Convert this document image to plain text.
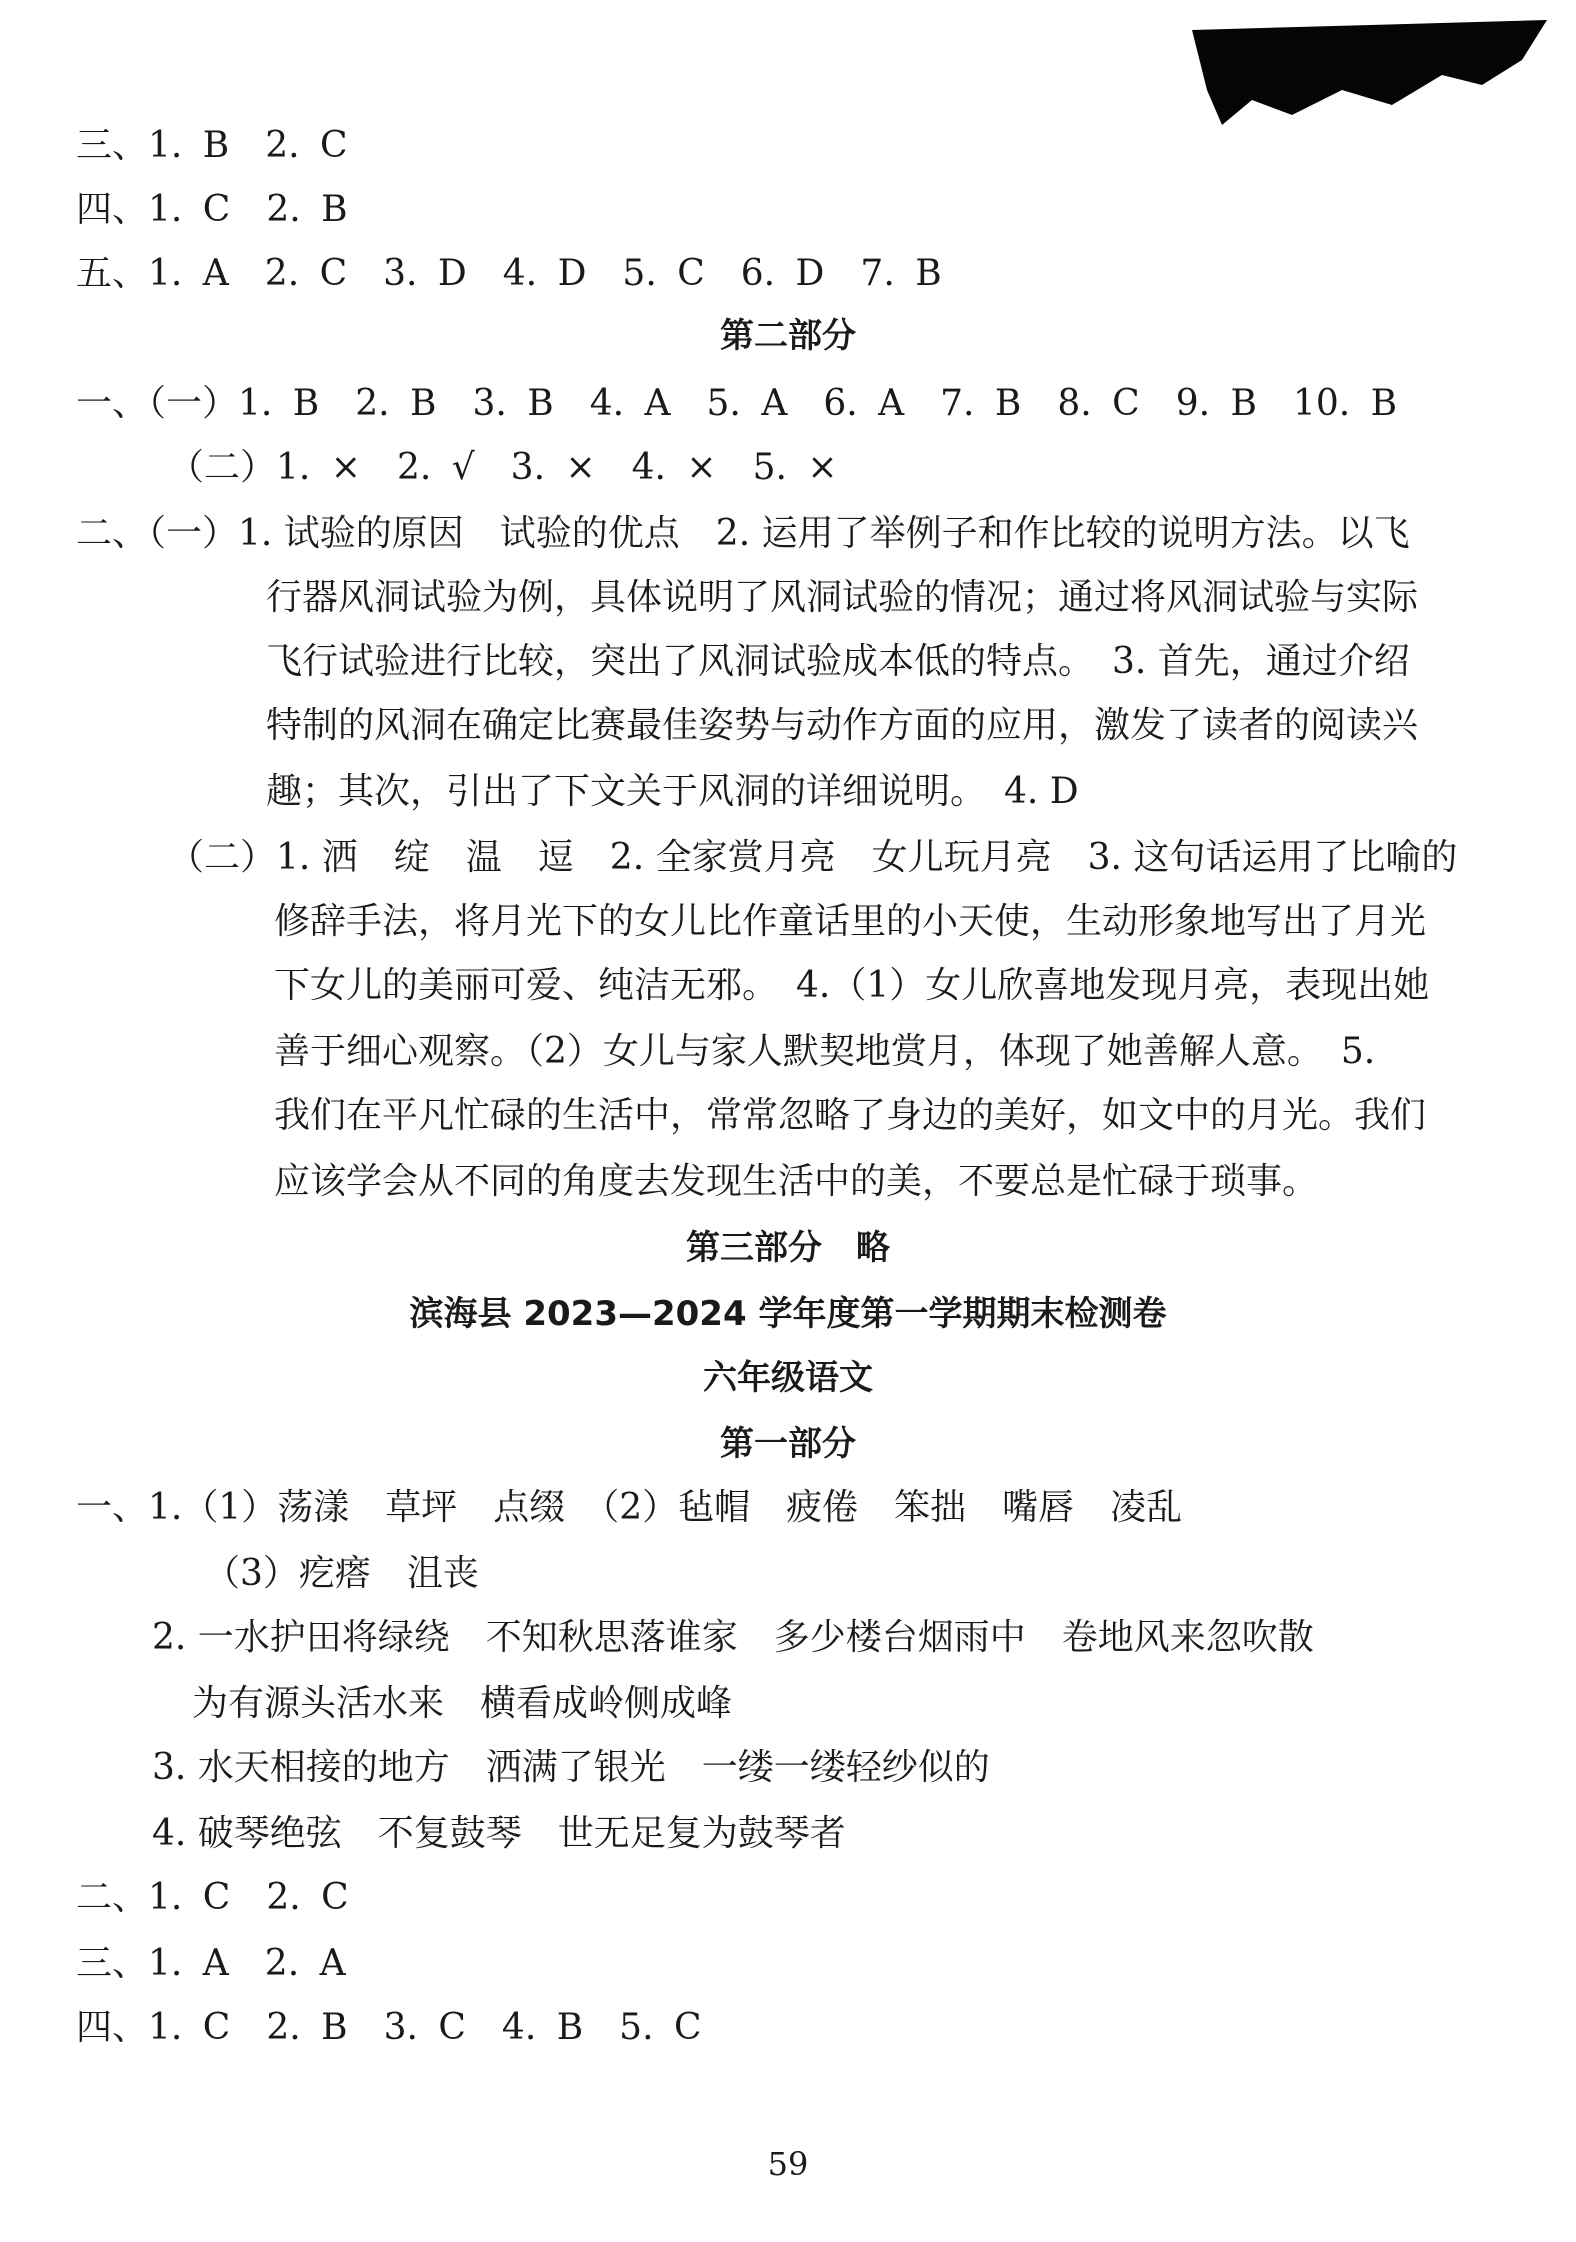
三、1. B　2. C
四、1. C　2. B
五、1. A　2. C　3. D　4. D　5. C　6. D　7. B
第二部分
一、（一）1. B　2. B　3. B　4. A　5. A　6. A　7. B　8. C　9. B　10. B
（二）1. ×　2. √　3. ×　4. ×　5. ×
二、（一）1. 试验的原因　试验的优点　2. 运用了举例子和作比较的说明方法。以飞
行器风洞试验为例，具体说明了风洞试验的情况；通过将风洞试验与实际
飞行试验进行比较，突出了风洞试验成本低的特点。　3. 首先，通过介绍
特制的风洞在确定比赛最佳姿势与动作方面的应用，激发了读者的阅读兴
趣；其次，引出了下文关于风洞的详细说明。　4. D
（二）1. 洒　绽　温　逗　2. 全家赏月亮　女儿玩月亮　3. 这句话运用了比喻的
修辞手法，将月光下的女儿比作童话里的小天使，生动形象地写出了月光
下女儿的美丽可爱、纯洁无邪。　4.（1）女儿欣喜地发现月亮，表现出她
善于细心观察。（2）女儿与家人默契地赏月，体现了她善解人意。　5.
我们在平凡忙碌的生活中，常常忽略了身边的美好，如文中的月光。我们
应该学会从不同的角度去发现生活中的美，不要总是忙碌于琐事。
第三部分　略
滨海县 2023—2024 学年度第一学期期末检测卷
六年级语文
第一部分
一、1.（1）荡漾　草坪　点缀　（2）毡帽　疲倦　笨拙　嘴唇　凌乱
（3）疙瘩　沮丧
2. 一水护田将绿绕　不知秋思落谁家　多少楼台烟雨中　卷地风来忽吹散
为有源头活水来　横看成岭侧成峰
3. 水天相接的地方　洒满了银光　一缕一缕轻纱似的
4. 破琴绝弦　不复鼓琴　世无足复为鼓琴者
二、1. C　2. C
三、1. A　2. A
四、1. C　2. B　3. C　4. B　5. C
59
